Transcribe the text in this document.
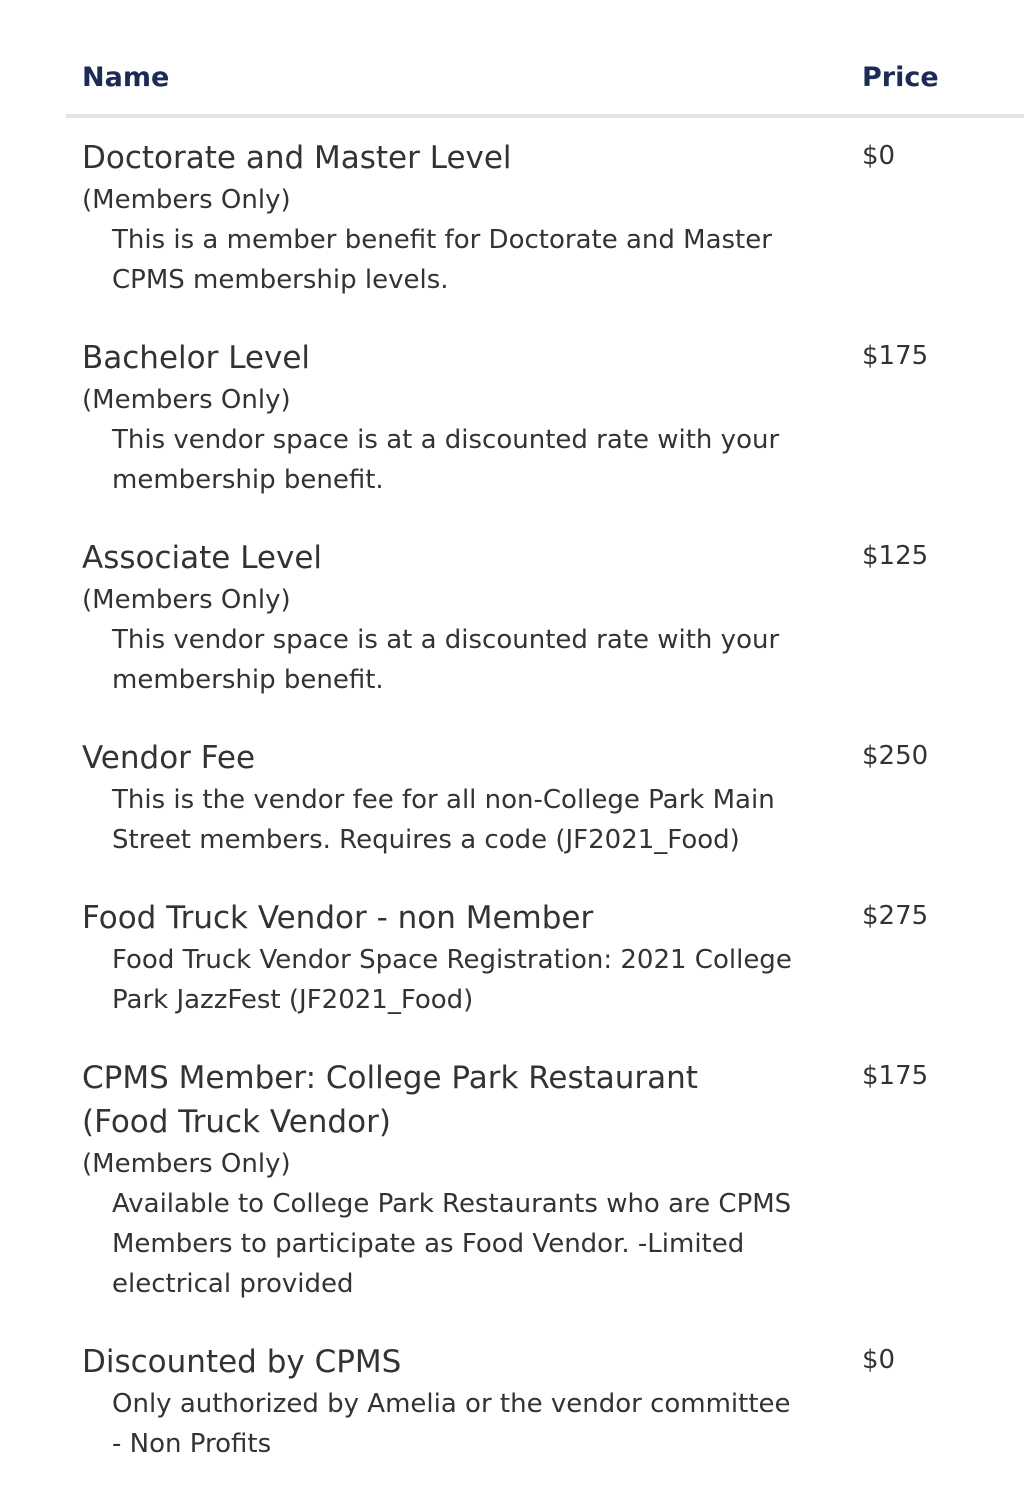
Name	Price
Doctorate and Master Level
(Members Only)
This is a member benefit for Doctorate and Master CPMS membership levels.
$0
Bachelor Level
(Members Only)
This vendor space is at a discounted rate with your membership benefit.
$175
Associate Level
(Members Only)
This vendor space is at a discounted rate with your membership benefit.
$125
Vendor Fee
This is the vendor fee for all non-College Park Main Street members. Requires a code (JF2021_Food)
$250
Food Truck Vendor - non Member
Food Truck Vendor Space Registration: 2021 College Park JazzFest (JF2021_Food)
$275
CPMS Member: College Park Restaurant (Food Truck Vendor)
(Members Only)
Available to College Park Restaurants who are CPMS Members to participate as Food Vendor. -Limited electrical provided
$175
Discounted by CPMS
Only authorized by Amelia or the vendor committee - Non Profits
$0
